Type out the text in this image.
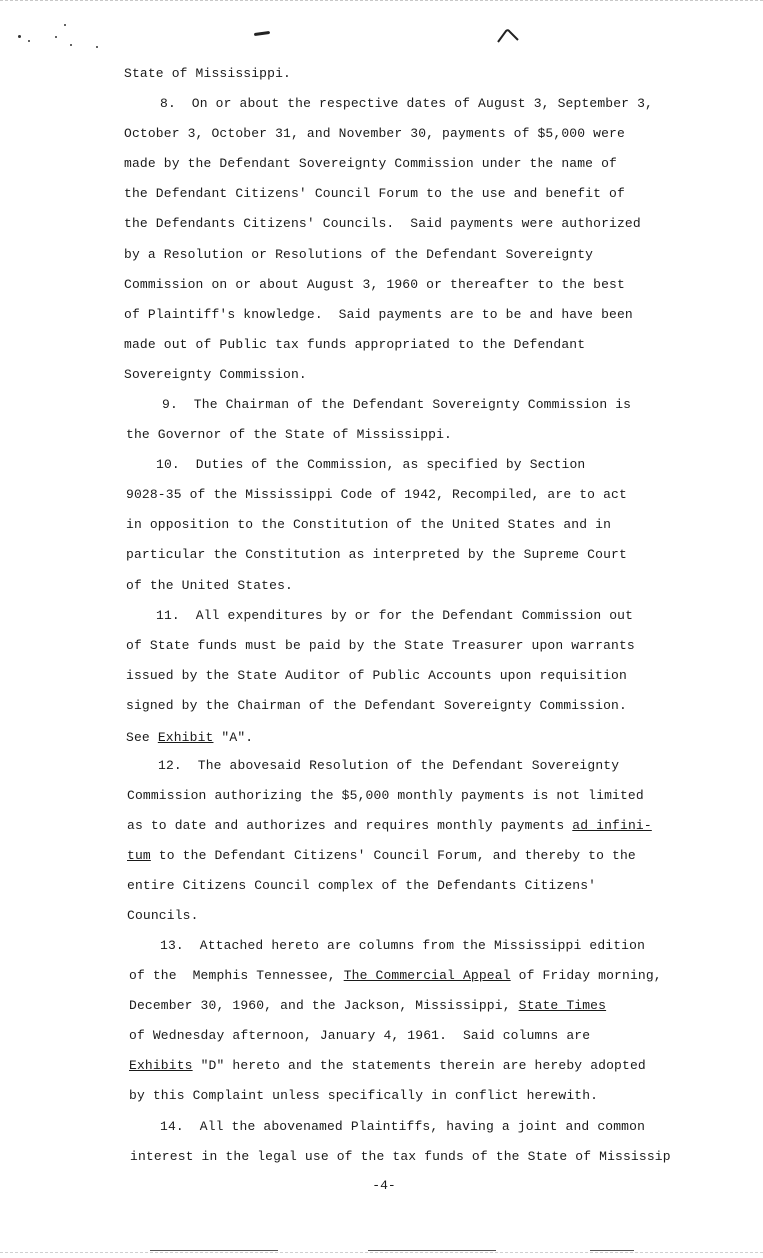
State of Mississippi.
8.  On or about the respective dates of August 3, September 3,
October 3, October 31, and November 30, payments of $5,000 were
made by the Defendant Sovereignty Commission under the name of
the Defendant Citizens' Council Forum to the use and benefit of
the Defendants Citizens' Councils.  Said payments were authorized
by a Resolution or Resolutions of the Defendant Sovereignty
Commission on or about August 3, 1960 or thereafter to the best
of Plaintiff's knowledge.  Said payments are to be and have been
made out of Public tax funds appropriated to the Defendant
Sovereignty Commission.
9.  The Chairman of the Defendant Sovereignty Commission is
the Governor of the State of Mississippi.
10.  Duties of the Commission, as specified by Section
9028-35 of the Mississippi Code of 1942, Recompiled, are to act
in opposition to the Constitution of the United States and in
particular the Constitution as interpreted by the Supreme Court
of the United States.
11.  All expenditures by or for the Defendant Commission out
of State funds must be paid by the State Treasurer upon warrants
issued by the State Auditor of Public Accounts upon requisition
signed by the Chairman of the Defendant Sovereignty Commission.
See Exhibit "A".
12.  The abovesaid Resolution of the Defendant Sovereignty
Commission authorizing the $5,000 monthly payments is not limited
as to date and authorizes and requires monthly payments ad infini-
tum to the Defendant Citizens' Council Forum, and thereby to the
entire Citizens Council complex of the Defendants Citizens'
Councils.
13.  Attached hereto are columns from the Mississippi edition
of the  Memphis Tennessee, The Commercial Appeal of Friday morning,
December 30, 1960, and the Jackson, Mississippi, State Times
of Wednesday afternoon, January 4, 1961.  Said columns are
Exhibits "D" hereto and the statements therein are hereby adopted
by this Complaint unless specifically in conflict herewith.
14.  All the abovenamed Plaintiffs, having a joint and common
interest in the legal use of the tax funds of the State of Mississip
-4-
